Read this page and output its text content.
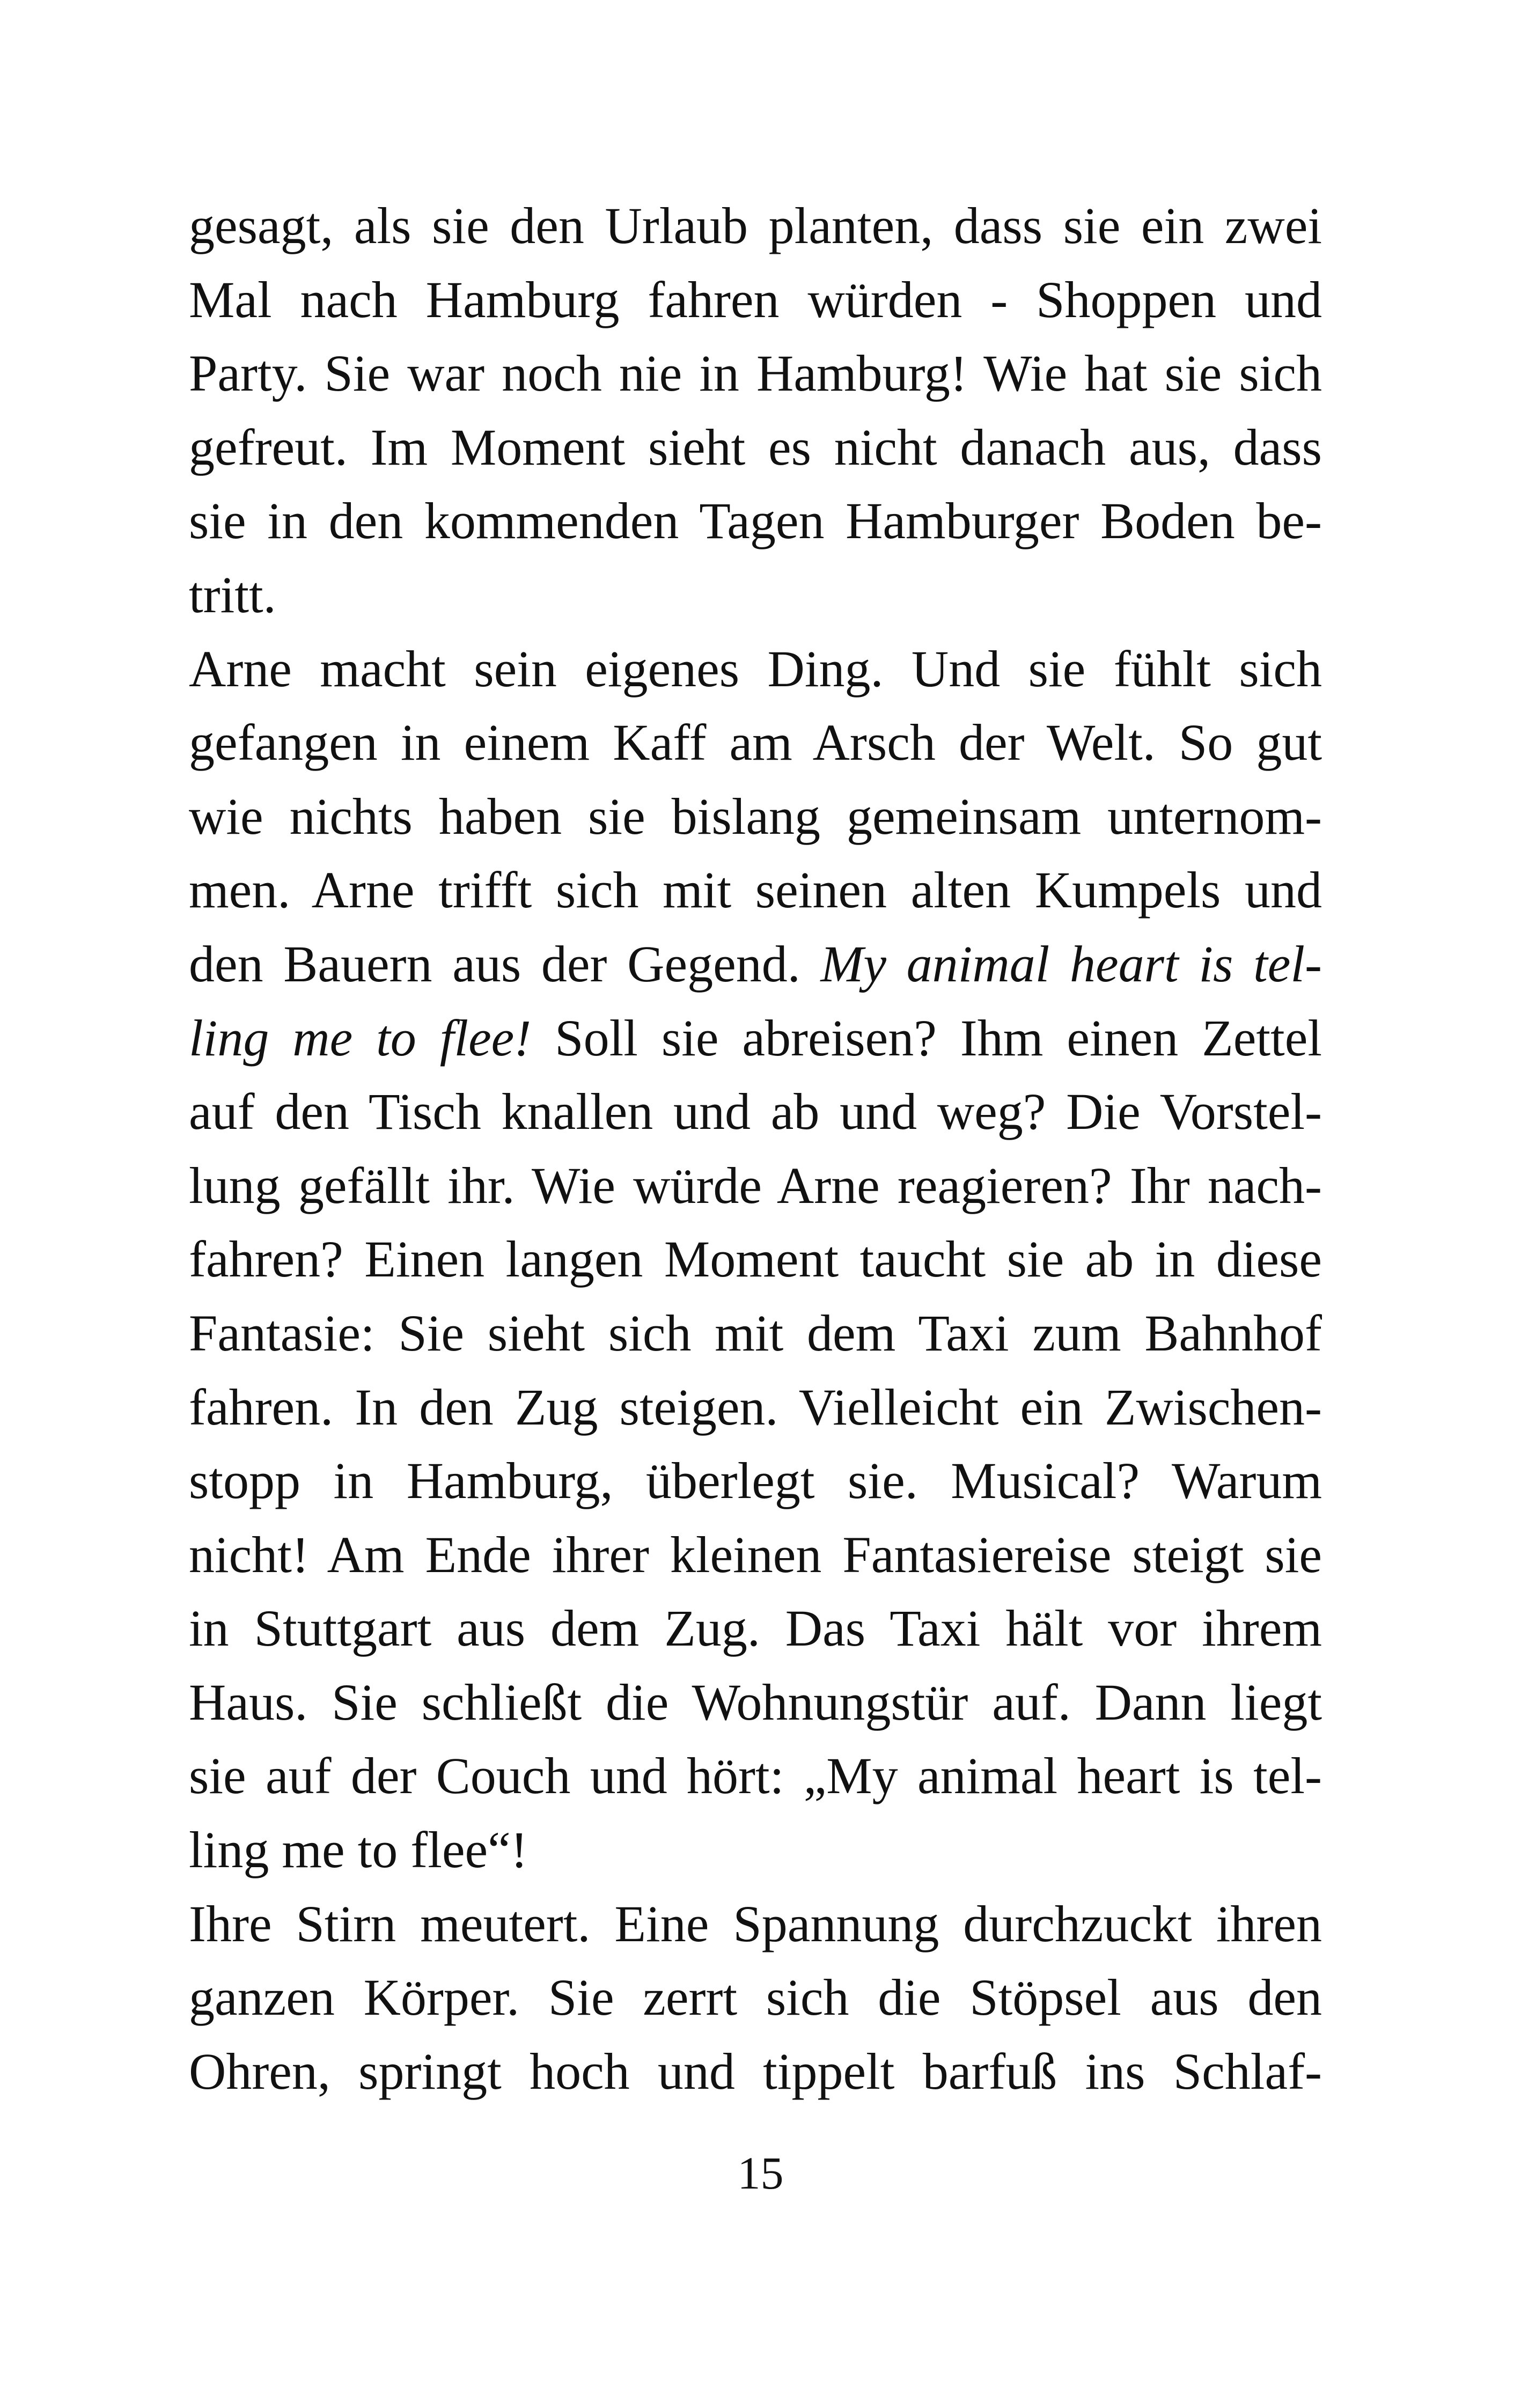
gesagt, als sie den Urlaub planten, dass sie ein zwei
Mal nach Hamburg fahren würden - Shoppen und
Party. Sie war noch nie in Hamburg! Wie hat sie sich
gefreut. Im Moment sieht es nicht danach aus, dass
sie in den kommenden Tagen Hamburger Boden be-
tritt.
Arne macht sein eigenes Ding. Und sie fühlt sich
gefangen in einem Kaff am Arsch der Welt. So gut
wie nichts haben sie bislang gemeinsam unternom-
men. Arne trifft sich mit seinen alten Kumpels und
den Bauern aus der Gegend. My animal heart is tel-
ling me to flee! Soll sie abreisen? Ihm einen Zettel
auf den Tisch knallen und ab und weg? Die Vorstel-
lung gefällt ihr. Wie würde Arne reagieren? Ihr nach-
fahren? Einen langen Moment taucht sie ab in diese
Fantasie: Sie sieht sich mit dem Taxi zum Bahnhof
fahren. In den Zug steigen. Vielleicht ein Zwischen-
stopp in Hamburg, überlegt sie. Musical? Warum
nicht! Am Ende ihrer kleinen Fantasiereise steigt sie
in Stuttgart aus dem Zug. Das Taxi hält vor ihrem
Haus. Sie schließt die Wohnungstür auf. Dann liegt
sie auf der Couch und hört: „My animal heart is tel-
ling me to flee“!
Ihre Stirn meutert. Eine Spannung durchzuckt ihren
ganzen Körper. Sie zerrt sich die Stöpsel aus den
Ohren, springt hoch und tippelt barfuß ins Schlaf-
15
